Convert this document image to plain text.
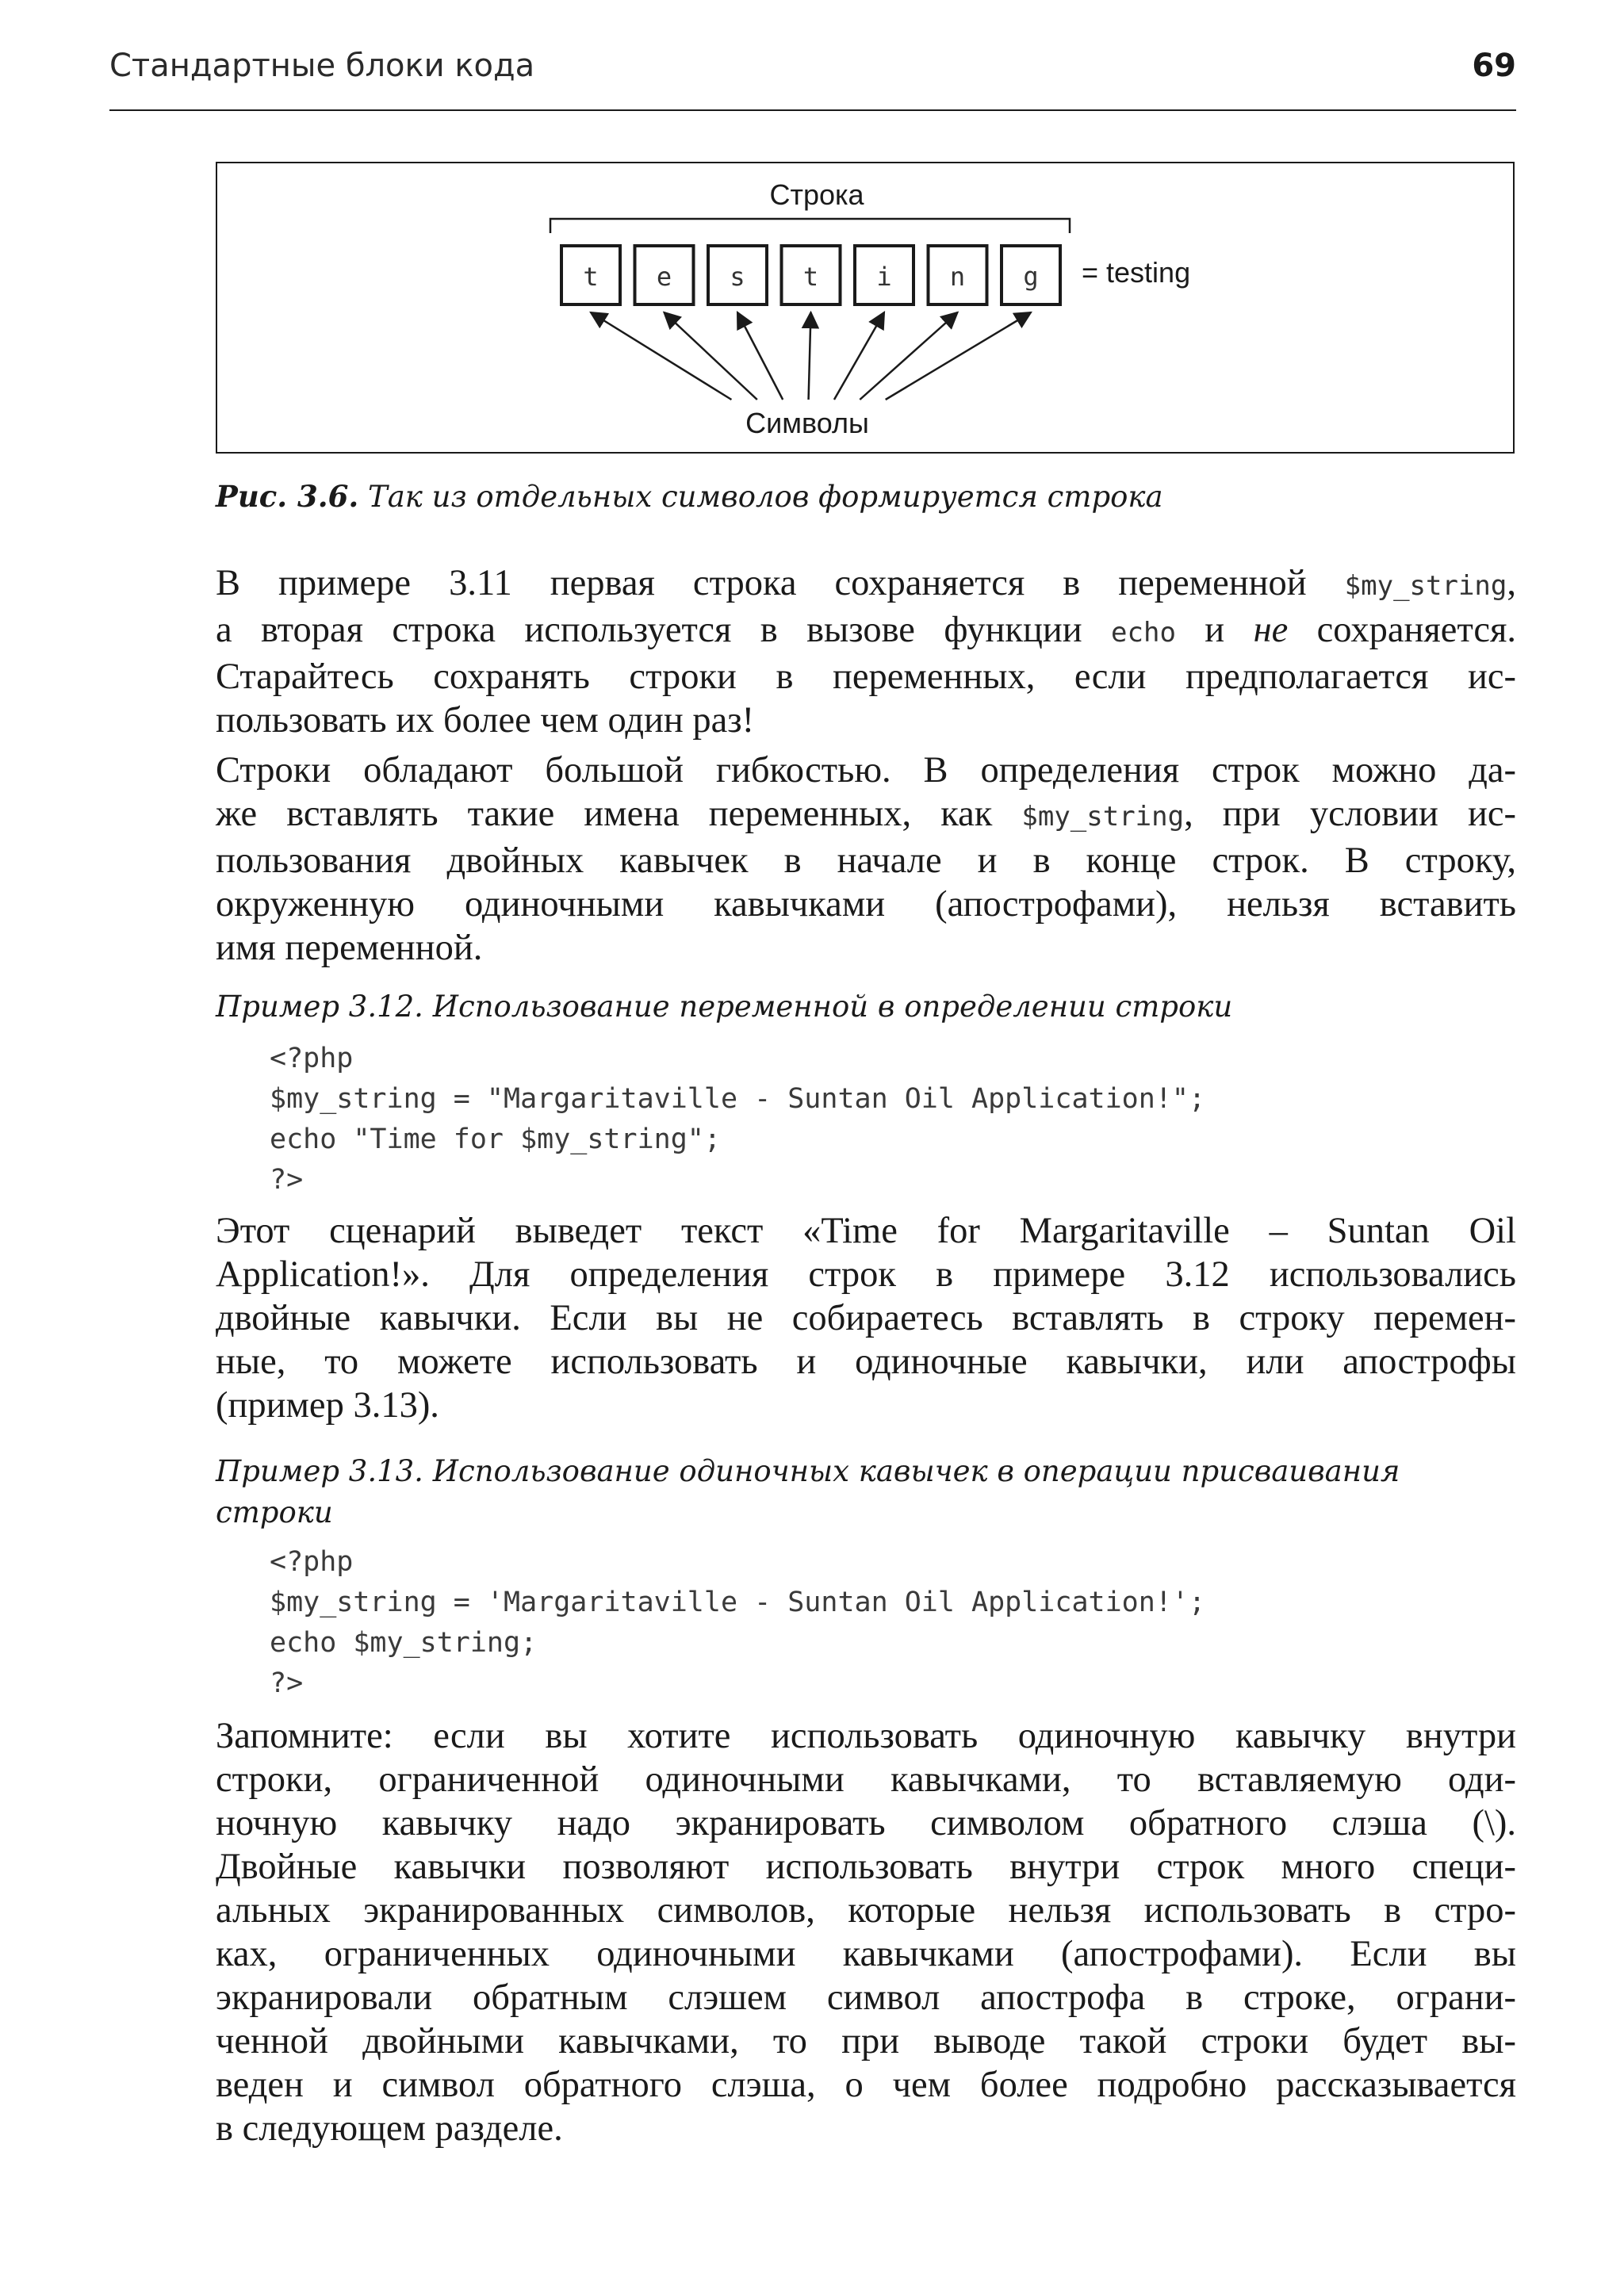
Стандартные блоки кода	69
Строка
t e s t i n g = testing
Символы
Рис. 3.6. Так из отдельных символов формируется строка
В примере 3.11 первая строка сохраняется в переменной $my_string,
а вторая строка используется в вызове функции echo и не сохраняется.
Старайтесь сохранять строки в переменных, если предполагается ис-
пользовать их более чем один раз!
Строки обладают большой гибкостью. В определения строк можно да-
же вставлять такие имена переменных, как $my_string, при условии ис-
пользования двойных кавычек в начале и в конце строк. В строку,
окруженную одиночными кавычками (апострофами), нельзя вставить
имя переменной.
Пример 3.12. Использование переменной в определении строки
<?php
$my_string = "Margaritaville - Suntan Oil Application!";
echo "Time for $my_string";
?>
Этот сценарий выведет текст «Time for Margaritaville – Suntan Oil
Application!». Для определения строк в примере 3.12 использовались
двойные кавычки. Если вы не собираетесь вставлять в строку перемен-
ные, то можете использовать и одиночные кавычки, или апострофы
(пример 3.13).
Пример 3.13. Использование одиночных кавычек в операции присваивания
строки
<?php
$my_string = 'Margaritaville - Suntan Oil Application!';
echo $my_string;
?>
Запомните: если вы хотите использовать одиночную кавычку внутри
строки, ограниченной одиночными кавычками, то вставляемую оди-
ночную кавычку надо экранировать символом обратного слэша (\).
Двойные кавычки позволяют использовать внутри строк много специ-
альных экранированных символов, которые нельзя использовать в стро-
ках, ограниченных одиночными кавычками (апострофами). Если вы
экранировали обратным слэшем символ апострофа в строке, ограни-
ченной двойными кавычками, то при выводе такой строки будет вы-
веден и символ обратного слэша, о чем более подробно рассказывается
в следующем разделе.
